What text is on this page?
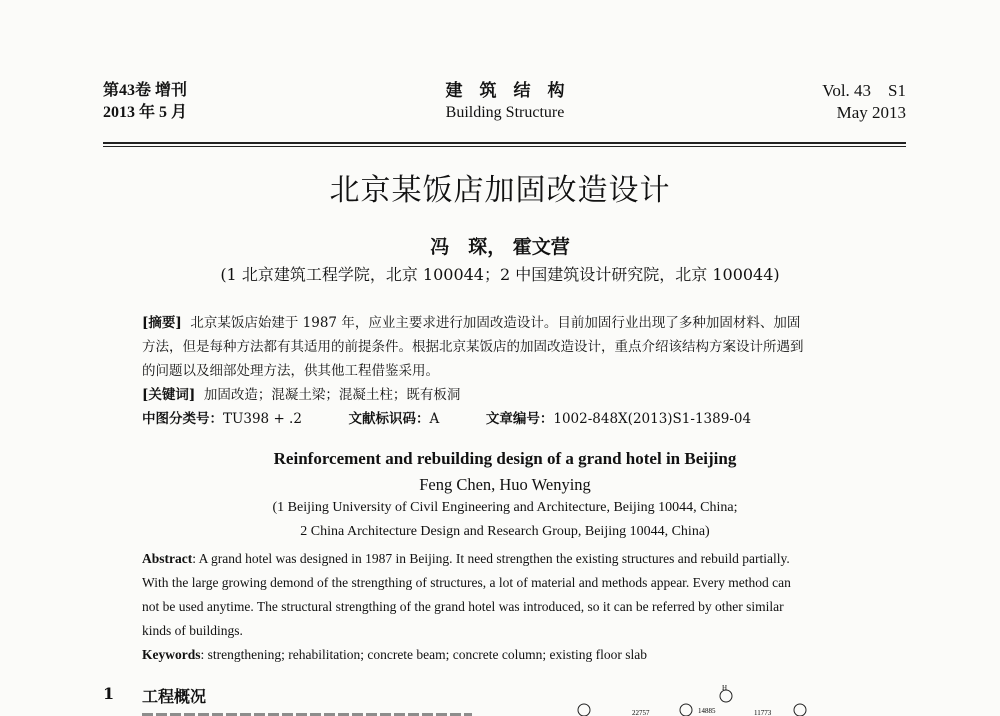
第43卷 增刊
2013 年 5 月
建　筑　结　构
Building Structure
Vol. 43　S1
May 2013
北京某饭店加固改造设计
冯　琛， 霍文营
(1 北京建筑工程学院，北京 100044；2 中国建筑设计研究院，北京 100044)
[摘要] 北京某饭店始建于 1987 年，应业主要求进行加固改造设计。目前加固行业出现了多种加固材料、加固
方法，但是每种方法都有其适用的前提条件。根据北京某饭店的加固改造设计，重点介绍该结构方案设计所遇到
的问题以及细部处理方法，供其他工程借鉴采用。
[关键词] 加固改造；混凝土梁；混凝土柱；既有板洞
中图分类号：TU398 + .2	文献标识码：A	文章编号：1002-848X(2013)S1-1389-04
Reinforcement and rebuilding design of a grand hotel in Beijing
Feng Chen, Huo Wenying
(1 Beijing University of Civil Engineering and Architecture, Beijing 10044, China;
2 China Architecture Design and Research Group, Beijing 10044, China)
Abstract: A grand hotel was designed in 1987 in Beijing. It need strengthen the existing structures and rebuild partially.
With the large growing demond of the strengthing of structures, a lot of material and methods appear. Every method can
not be used anytime. The structural strengthing of the grand hotel was introduced, so it can be referred by other similar
kinds of buildings.
Keywords: strengthening; rehabilitation; concrete beam; concrete column; existing floor slab
1 工程概况	H
22757	14885	11773
